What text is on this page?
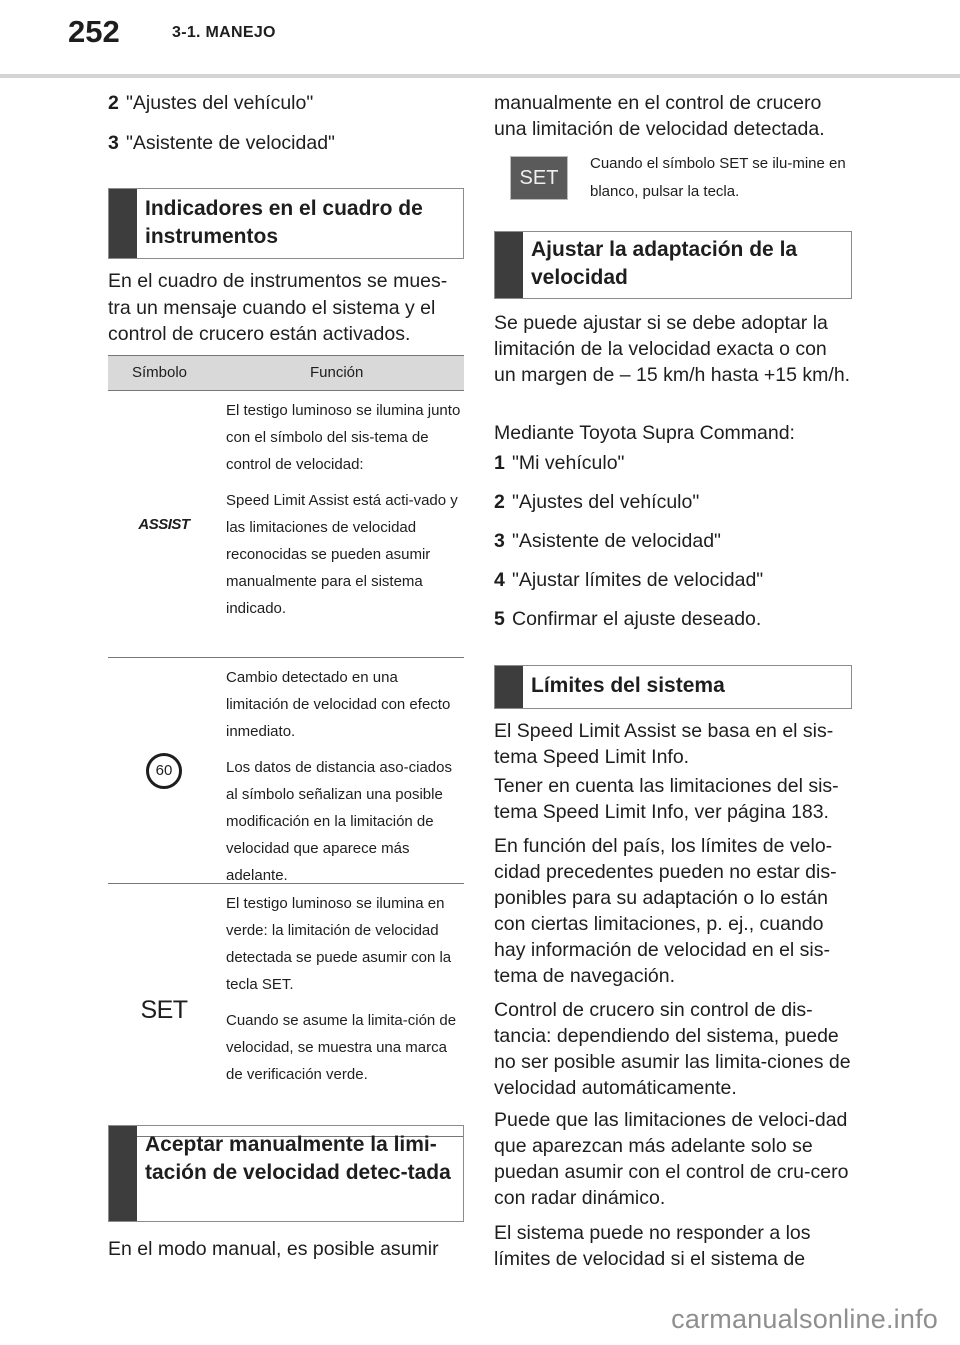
252	3-1. MANEJO
2 "Ajustes del vehículo"
3 "Asistente de velocidad"
Indicadores en el cuadro de instrumentos
En el cuadro de instrumentos se mues-tra un mensaje cuando el sistema y el control de crucero están activados.
Símbolo	Función
ASSIST

El testigo luminoso se ilumina junto con el símbolo del sis-tema de control de velocidad:

Speed Limit Assist está acti-vado y las limitaciones de velocidad reconocidas se pueden asumir manualmente para el sistema indicado.

60

Cambio detectado en una limitación de velocidad con efecto inmediato.

Los datos de distancia aso-ciados al símbolo señalizan una posible modificación en la limitación de velocidad que aparece más adelante.

SET

El testigo luminoso se ilumina en verde: la limitación de velocidad detectada se puede asumir con la tecla SET.

Cuando se asume la limita-ción de velocidad, se muestra una marca de verificación verde.

Aceptar manualmente la limi-tación de velocidad detec-tada
En el modo manual, es posible asumir
manualmente en el control de crucero una limitación de velocidad detectada.
SET
Cuando el símbolo SET se ilu-mine en blanco, pulsar la tecla.
Ajustar la adaptación de la velocidad
Se puede ajustar si se debe adoptar la limitación de la velocidad exacta o con un margen de – 15 km/h hasta +15 km/h.
Mediante Toyota Supra Command:
1 "Mi vehículo"
2 "Ajustes del vehículo"
3 "Asistente de velocidad"
4 "Ajustar límites de velocidad"
5 Confirmar el ajuste deseado.
Límites del sistema
El Speed Limit Assist se basa en el sis-tema Speed Limit Info.
Tener en cuenta las limitaciones del sis-tema Speed Limit Info, ver página 183.
En función del país, los límites de velo-cidad precedentes pueden no estar dis-ponibles para su adaptación o lo están con ciertas limitaciones, p. ej., cuando hay información de velocidad en el sis-tema de navegación.
Control de crucero sin control de dis-tancia: dependiendo del sistema, puede no ser posible asumir las limita-ciones de velocidad automáticamente.
Puede que las limitaciones de veloci-dad que aparezcan más adelante solo se puedan asumir con el control de cru-cero con radar dinámico.
El sistema puede no responder a los límites de velocidad si el sistema de
carmanualsonline.info
